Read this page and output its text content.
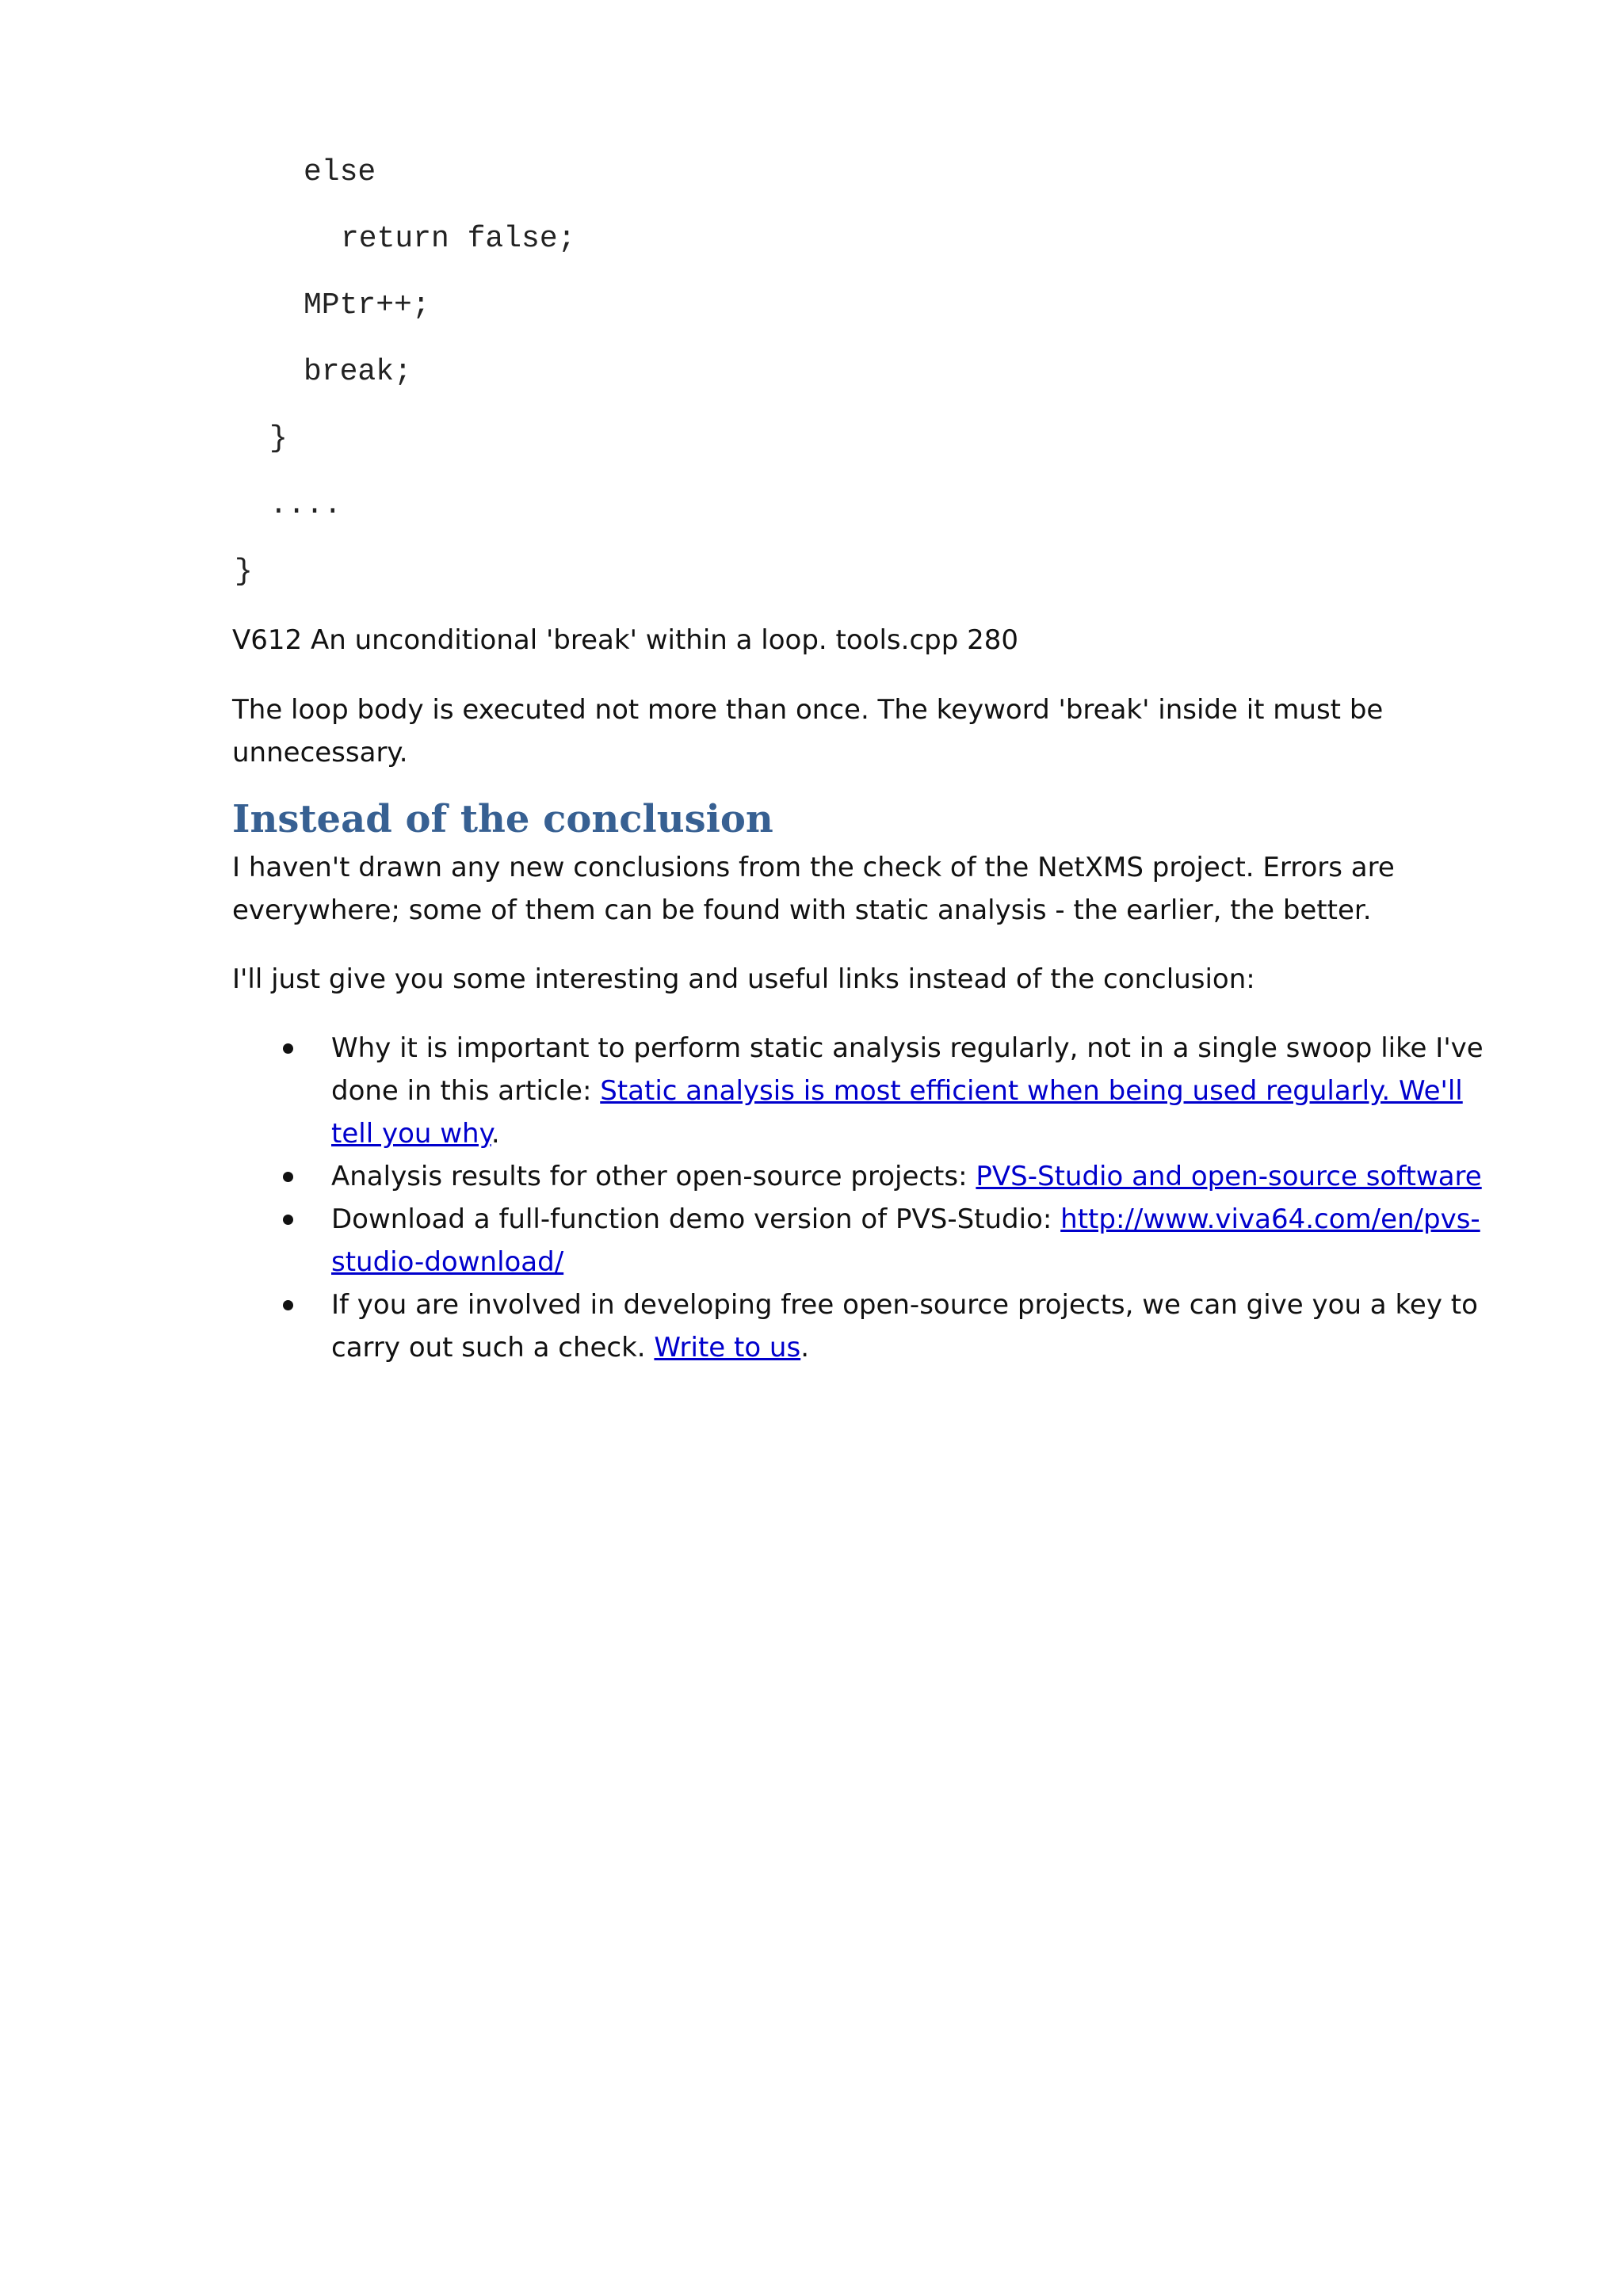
else
return false;
MPtr++;
break;
}
....
}
V612 An unconditional 'break' within a loop. tools.cpp 280
The loop body is executed not more than once. The keyword 'break' inside it must be unnecessary.
Instead of the conclusion
I haven't drawn any new conclusions from the check of the NetXMS project. Errors are everywhere; some of them can be found with static analysis - the earlier, the better.
I'll just give you some interesting and useful links instead of the conclusion:
Why it is important to perform static analysis regularly, not in a single swoop like I've done in this article: Static analysis is most efficient when being used regularly. We'll tell you why.
Analysis results for other open-source projects: PVS-Studio and open-source software
Download a full-function demo version of PVS-Studio: http://www.viva64.com/en/pvs-studio-download/
If you are involved in developing free open-source projects, we can give you a key to carry out such a check. Write to us.
